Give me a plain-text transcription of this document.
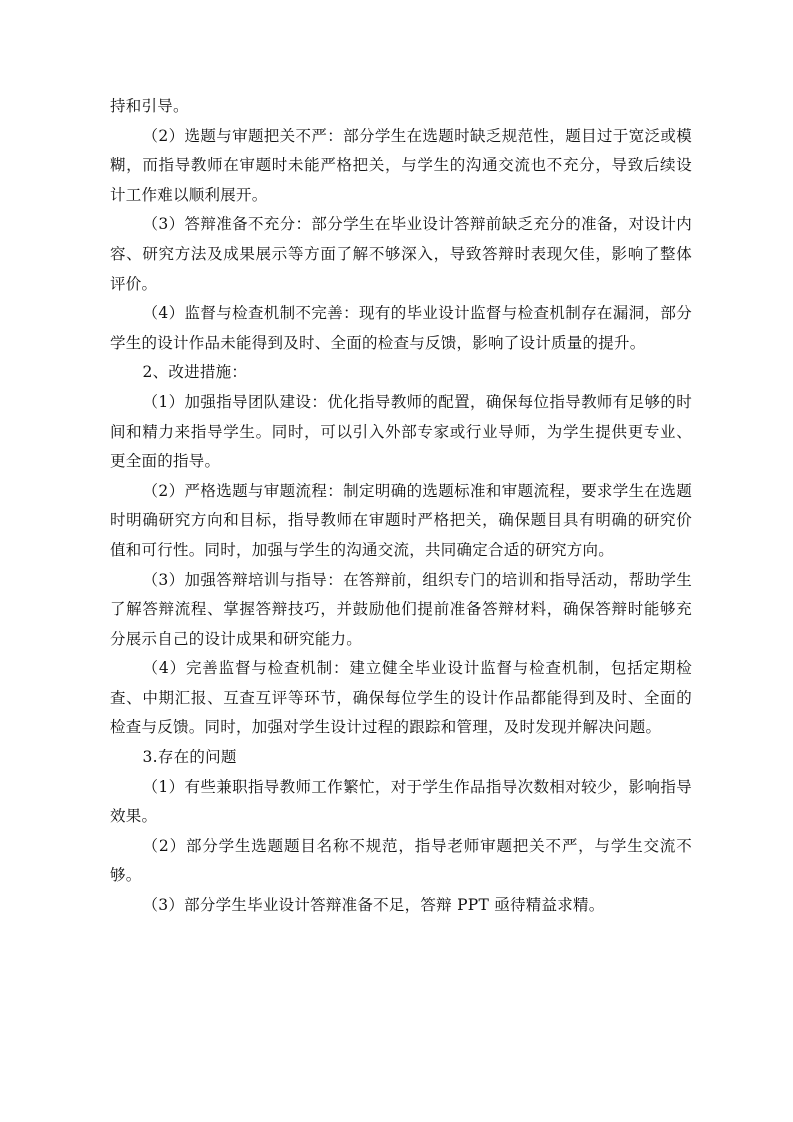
持和引导。

（2）选题与审题把关不严：部分学生在选题时缺乏规范性，题目过于宽泛或模糊，而指导教师在审题时未能严格把关，与学生的沟通交流也不充分，导致后续设计工作难以顺利展开。

（3）答辩准备不充分：部分学生在毕业设计答辩前缺乏充分的准备，对设计内容、研究方法及成果展示等方面了解不够深入，导致答辩时表现欠佳，影响了整体评价。

（4）监督与检查机制不完善：现有的毕业设计监督与检查机制存在漏洞，部分学生的设计作品未能得到及时、全面的检查与反馈，影响了设计质量的提升。

2、改进措施：

（1）加强指导团队建设：优化指导教师的配置，确保每位指导教师有足够的时间和精力来指导学生。同时，可以引入外部专家或行业导师，为学生提供更专业、更全面的指导。

（2）严格选题与审题流程：制定明确的选题标准和审题流程，要求学生在选题时明确研究方向和目标，指导教师在审题时严格把关，确保题目具有明确的研究价值和可行性。同时，加强与学生的沟通交流，共同确定合适的研究方向。

（3）加强答辩培训与指导：在答辩前，组织专门的培训和指导活动，帮助学生了解答辩流程、掌握答辩技巧，并鼓励他们提前准备答辩材料，确保答辩时能够充分展示自己的设计成果和研究能力。

（4）完善监督与检查机制：建立健全毕业设计监督与检查机制，包括定期检查、中期汇报、互查互评等环节，确保每位学生的设计作品都能得到及时、全面的检查与反馈。同时，加强对学生设计过程的跟踪和管理，及时发现并解决问题。

3.存在的问题

（1）有些兼职指导教师工作繁忙，对于学生作品指导次数相对较少，影响指导效果。

（2）部分学生选题题目名称不规范，指导老师审题把关不严，与学生交流不够。

（3）部分学生毕业设计答辩准备不足，答辩 PPT 亟待精益求精。
